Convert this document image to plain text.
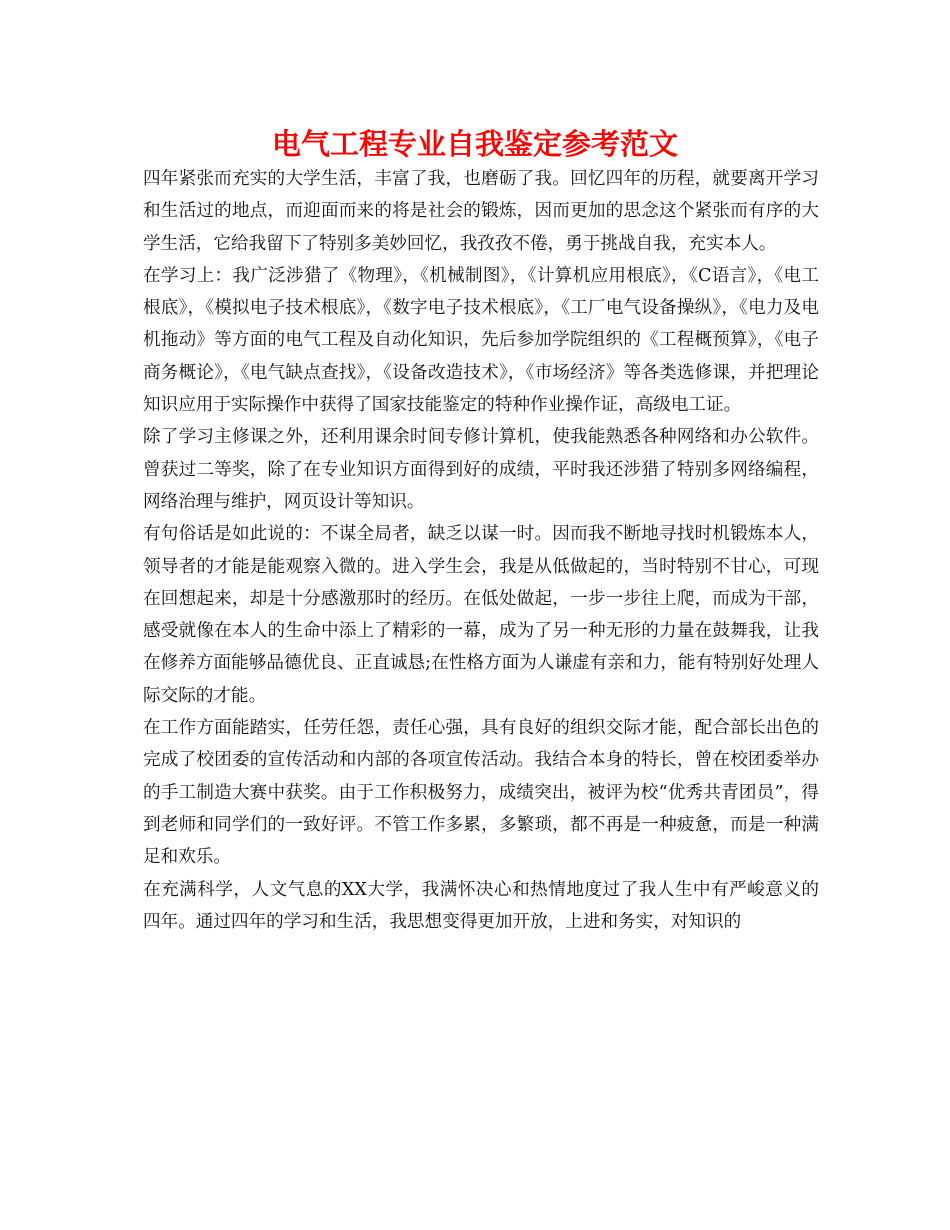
电气工程专业自我鉴定参考范文

四年紧张而充实的大学生活，丰富了我，也磨砺了我。回忆四年的历程，就要离开学习和生活过的地点，而迎面而来的将是社会的锻炼，因而更加的思念这个紧张而有序的大学生活，它给我留下了特别多美妙回忆，我孜孜不倦，勇于挑战自我，充实本人。

在学习上：我广泛涉猎了《物理》，《机械制图》，《计算机应用根底》，《C语言》，《电工根底》，《模拟电子技术根底》，《数字电子技术根底》，《工厂电气设备操纵》，《电力及电机拖动》等方面的电气工程及自动化知识，先后参加学院组织的《工程概预算》，《电子商务概论》，《电气缺点查找》，《设备改造技术》，《市场经济》等各类选修课，并把理论知识应用于实际操作中获得了国家技能鉴定的特种作业操作证，高级电工证。

除了学习主修课之外，还利用课余时间专修计算机，使我能熟悉各种网络和办公软件。曾获过二等奖，除了在专业知识方面得到好的成绩，平时我还涉猎了特别多网络编程，网络治理与维护，网页设计等知识。

有句俗话是如此说的：不谋全局者，缺乏以谋一时。因而我不断地寻找时机锻炼本人，领导者的才能是能观察入微的。进入学生会，我是从低做起的，当时特别不甘心，可现在回想起来，却是十分感激那时的经历。在低处做起，一步一步往上爬，而成为干部，感受就像在本人的生命中添上了精彩的一幕，成为了另一种无形的力量在鼓舞我，让我在修养方面能够品德优良、正直诚恳;在性格方面为人谦虚有亲和力，能有特别好处理人际交际的才能。

在工作方面能踏实，任劳任怨，责任心强，具有良好的组织交际才能，配合部长出色的完成了校团委的宣传活动和内部的各项宣传活动。我结合本身的特长，曾在校团委举办的手工制造大赛中获奖。由于工作积极努力，成绩突出，被评为校“优秀共青团员”，得到老师和同学们的一致好评。不管工作多累，多繁琐，都不再是一种疲惫，而是一种满足和欢乐。

在充满科学，人文气息的XX大学，我满怀决心和热情地度过了我人生中有严峻意义的四年。通过四年的学习和生活，我思想变得更加开放，上进和务实，对知识的
